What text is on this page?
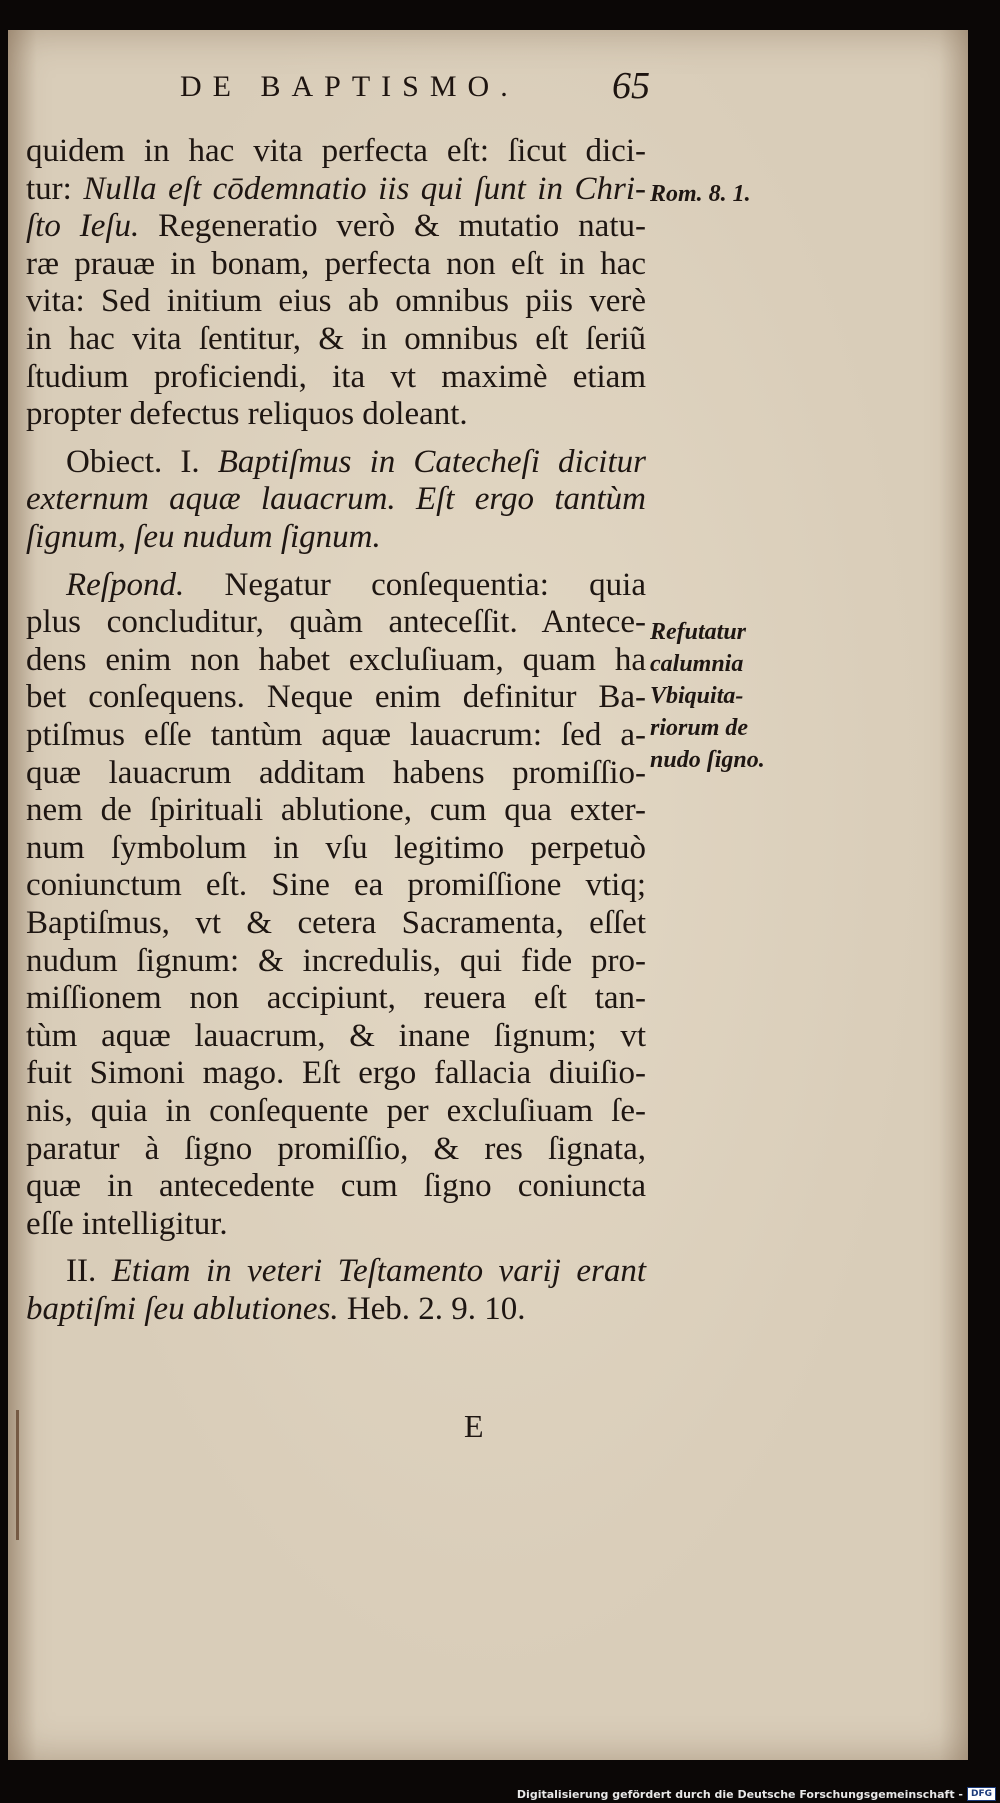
DE BAPTISMO. 65
quidem in hac vita perfecta eſt: ſicut dici-
tur: Nulla eſt cōdemnatio iis qui ſunt in Chri-
ſto Ieſu. Regeneratio verò & mutatio natu-
ræ prauæ in bonam, perfecta non eſt in hac
vita: Sed initium eius ab omnibus piis verè
in hac vita ſentitur, & in omnibus eſt ſeriũ
ſtudium proficiendi, ita vt maximè etiam
propter defectus reliquos doleant.
Obiect. I. Baptiſmus in Catecheſi dicitur
externum aquæ lauacrum. Eſt ergo tantùm
ſignum, ſeu nudum ſignum.
Reſpond. Negatur conſequentia: quia
plus concluditur, quàm anteceſſit. Antece-
dens enim non habet excluſiuam, quam ha
bet conſequens. Neque enim definitur Ba-
ptiſmus eſſe tantùm aquæ lauacrum: ſed a-
quæ lauacrum additam habens promiſſio-
nem de ſpirituali ablutione, cum qua exter-
num ſymbolum in vſu legitimo perpetuò
coniunctum eſt. Sine ea promiſſione vtiq;
Baptiſmus, vt & cetera Sacramenta, eſſet
nudum ſignum: & incredulis, qui fide pro-
miſſionem non accipiunt, reuera eſt tan-
tùm aquæ lauacrum, & inane ſignum; vt
fuit Simoni mago. Eſt ergo fallacia diuiſio-
nis, quia in conſequente per excluſiuam ſe-
paratur à ſigno promiſſio, & res ſignata,
quæ in antecedente cum ſigno coniuncta
eſſe intelligitur.
II. Etiam in veteri Teſtamento varij erant
baptiſmi ſeu ablutiones. Heb. 2. 9. 10.
Rom. 8. 1.
Refutatur
calumnia
Vbiquita-
riorum de
nudo ſigno.
E
Digitalisierung gefördert durch die Deutsche Forschungsgemeinschaft - DFG
